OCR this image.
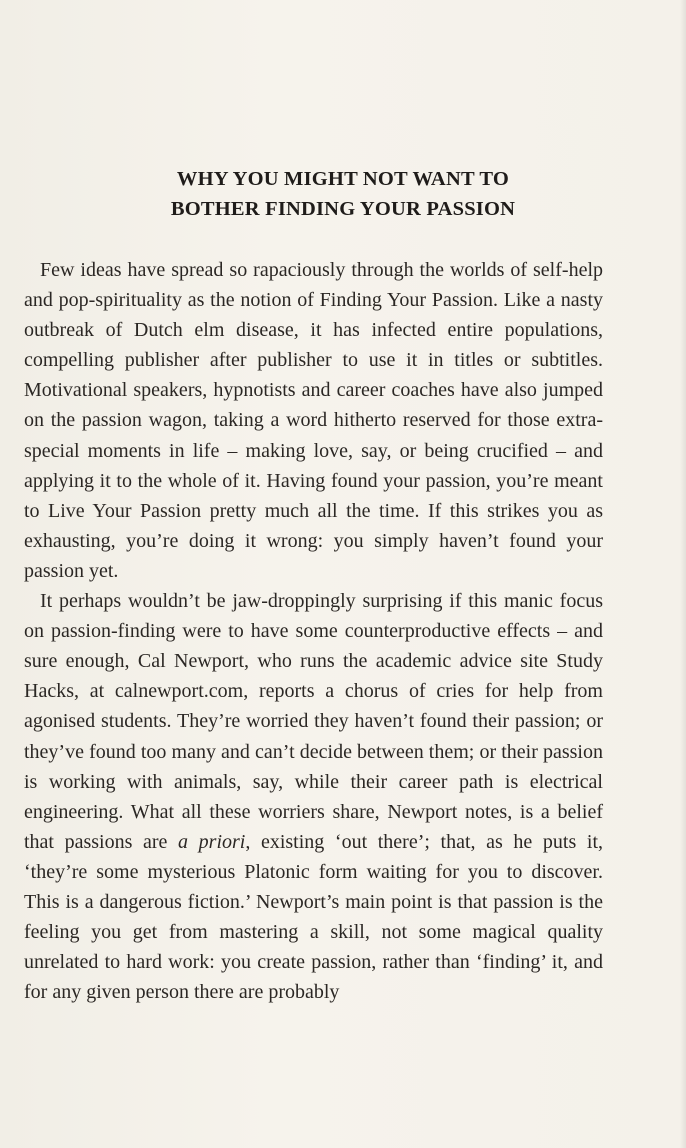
WHY YOU MIGHT NOT WANT TO
BOTHER FINDING YOUR PASSION

Few ideas have spread so rapaciously through the worlds of self-help and pop-spirituality as the notion of Finding Your Passion. Like a nasty outbreak of Dutch elm disease, it has infected entire populations, compelling publisher after publisher to use it in titles or subtitles. Motivational speakers, hypnotists and career coaches have also jumped on the passion wagon, taking a word hitherto reserved for those extra-special moments in life – making love, say, or being crucified – and applying it to the whole of it. Having found your passion, you’re meant to Live Your Passion pretty much all the time. If this strikes you as exhausting, you’re doing it wrong: you simply haven’t found your passion yet.

It perhaps wouldn’t be jaw-droppingly surprising if this manic focus on passion-finding were to have some counterproductive effects – and sure enough, Cal Newport, who runs the academic advice site Study Hacks, at calnewport.com, reports a chorus of cries for help from agonised students. They’re worried they haven’t found their passion; or they’ve found too many and can’t decide between them; or their passion is working with animals, say, while their career path is electrical engineering. What all these worriers share, Newport notes, is a belief that passions are a priori, existing ‘out there’; that, as he puts it, ‘they’re some mysterious Platonic form waiting for you to discover. This is a dangerous fiction.’ Newport’s main point is that passion is the feeling you get from mastering a skill, not some magical quality unrelated to hard work: you create passion, rather than ‘finding’ it, and for any given person there are probably
